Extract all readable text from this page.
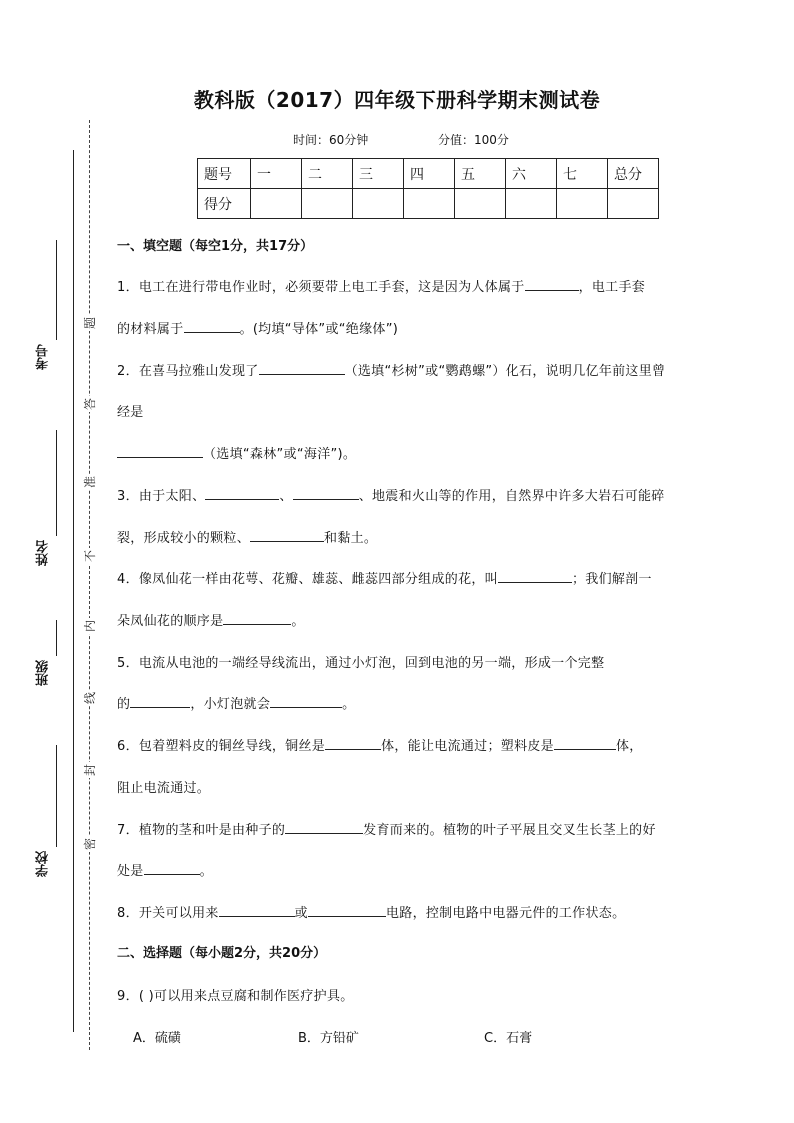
考号
姓名
班级
学校
题
答
准
不
内
线
封
密
教科版（2017）四年级下册科学期末测试卷
时间：60分钟	分值：100分
题号	一	二	三	四	五	六	七	总分
得分								
一、填空题（每空1分，共17分）
1．电工在进行带电作业时，必须要带上电工手套，这是因为人体属于	，电工手套
的材料属于	。(均填“导体”或“绝缘体”)
2．在喜马拉雅山发现了	（选填“杉树”或“鹦鹉螺”）化石，说明几亿年前这里曾
经是
（选填“森林”或“海洋”)。
3．由于太阳、	、	、地震和火山等的作用，自然界中许多大岩石可能碎
裂，形成较小的颗粒、	和黏土。
4．像凤仙花一样由花萼、花瓣、雄蕊、雌蕊四部分组成的花，叫	；我们解剖一
朵凤仙花的顺序是	。
5．电流从电池的一端经导线流出，通过小灯泡，回到电池的另一端，形成一个完整
的	，小灯泡就会	。
6．包着塑料皮的铜丝导线，铜丝是	体，能让电流通过；塑料皮是	体，
阻止电流通过。
7．植物的茎和叶是由种子的	发育而来的。植物的叶子平展且交叉生长茎上的好
处是	。
8．开关可以用来	或	电路，控制电路中电器元件的工作状态。
二、选择题（每小题2分，共20分）
9．( )可以用来点豆腐和制作医疗护具。
A．硫磺	B．方铅矿	C．石膏
